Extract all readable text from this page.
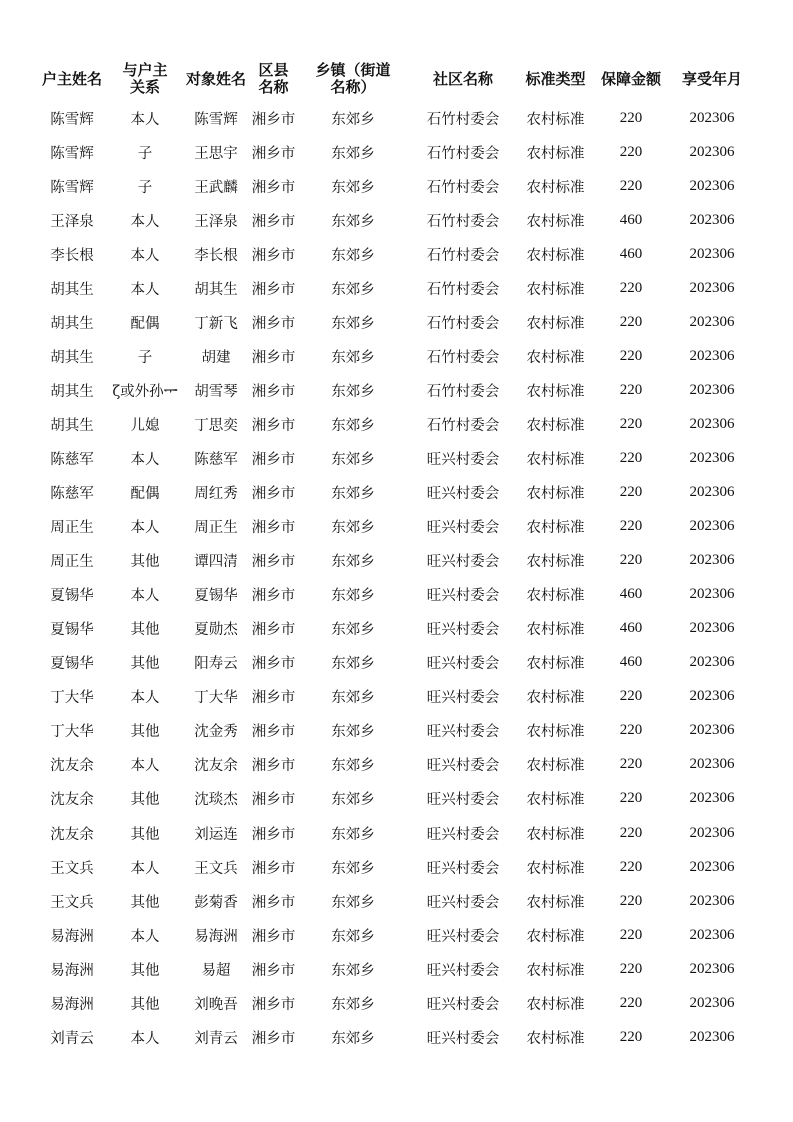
户主姓名	与户主关系	对象姓名	区县名称	乡镇（街道名称）	社区名称	标准类型	保障金额	享受年月

陈雪辉	本人	陈雪辉	湘乡市	东郊乡	石竹村委会	农村标准	220	202306

陈雪辉	子	王思宇	湘乡市	东郊乡	石竹村委会	农村标准	220	202306

陈雪辉	子	王武麟	湘乡市	东郊乡	石竹村委会	农村标准	220	202306

王泽泉	本人	王泽泉	湘乡市	东郊乡	石竹村委会	农村标准	460	202306

李长根	本人	李长根	湘乡市	东郊乡	石竹村委会	农村标准	460	202306

胡其生	本人	胡其生	湘乡市	东郊乡	石竹村委会	农村标准	220	202306

胡其生	配偶	丁新飞	湘乡市	东郊乡	石竹村委会	农村标准	220	202306

胡其生	子	胡建	湘乡市	东郊乡	石竹村委会	农村标准	220	202306

胡其生	ζ或外孙ᆍ	胡雪琴	湘乡市	东郊乡	石竹村委会	农村标准	220	202306

胡其生	儿媳	丁思奕	湘乡市	东郊乡	石竹村委会	农村标准	220	202306

陈慈军	本人	陈慈军	湘乡市	东郊乡	旺兴村委会	农村标准	220	202306

陈慈军	配偶	周红秀	湘乡市	东郊乡	旺兴村委会	农村标准	220	202306

周正生	本人	周正生	湘乡市	东郊乡	旺兴村委会	农村标准	220	202306

周正生	其他	谭四清	湘乡市	东郊乡	旺兴村委会	农村标准	220	202306

夏锡华	本人	夏锡华	湘乡市	东郊乡	旺兴村委会	农村标准	460	202306

夏锡华	其他	夏勋杰	湘乡市	东郊乡	旺兴村委会	农村标准	460	202306

夏锡华	其他	阳寿云	湘乡市	东郊乡	旺兴村委会	农村标准	460	202306

丁大华	本人	丁大华	湘乡市	东郊乡	旺兴村委会	农村标准	220	202306

丁大华	其他	沈金秀	湘乡市	东郊乡	旺兴村委会	农村标准	220	202306

沈友余	本人	沈友余	湘乡市	东郊乡	旺兴村委会	农村标准	220	202306

沈友余	其他	沈琰杰	湘乡市	东郊乡	旺兴村委会	农村标准	220	202306

沈友余	其他	刘运连	湘乡市	东郊乡	旺兴村委会	农村标准	220	202306

王文兵	本人	王文兵	湘乡市	东郊乡	旺兴村委会	农村标准	220	202306

王文兵	其他	彭菊香	湘乡市	东郊乡	旺兴村委会	农村标准	220	202306

易海洲	本人	易海洲	湘乡市	东郊乡	旺兴村委会	农村标准	220	202306

易海洲	其他	易超	湘乡市	东郊乡	旺兴村委会	农村标准	220	202306

易海洲	其他	刘晚吾	湘乡市	东郊乡	旺兴村委会	农村标准	220	202306

刘青云	本人	刘青云	湘乡市	东郊乡	旺兴村委会	农村标准	220	202306
